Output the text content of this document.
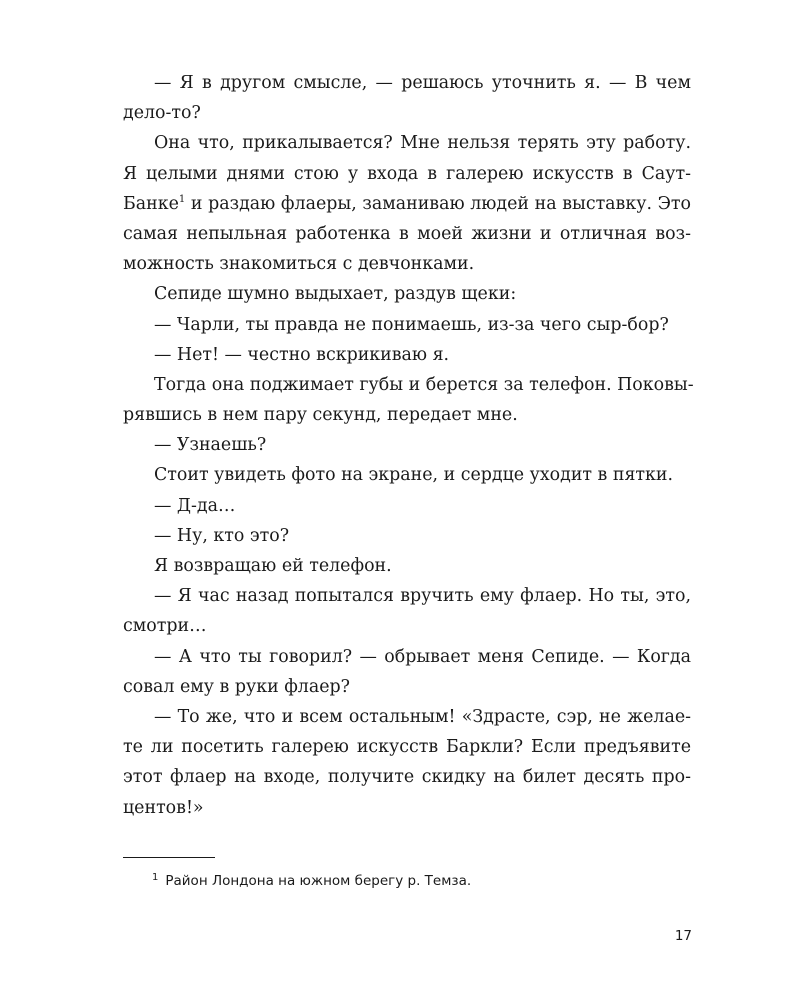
— Я в другом смысле, — решаюсь уточнить я. — В чем
дело-то?
Она что, прикалывается? Мне нельзя терять эту работу.
Я целыми днями стою у входа в галерею искусств в Саут-
Банке$^1$ и раздаю флаеры, заманиваю людей на выставку. Это
самая непыльная работенка в моей жизни и отличная воз-
можность знакомиться с девчонками.
Сепиде шумно выдыхает, раздув щеки:
— Чарли, ты правда не понимаешь, из-за чего сыр-бор?
— Нет! — честно вскрикиваю я.
Тогда она поджимает губы и берется за телефон. Поковы-
рявшись в нем пару секунд, передает мне.
— Узнаешь?
Стоит увидеть фото на экране, и сердце уходит в пятки.
— Д-да…
— Ну, кто это?
Я возвращаю ей телефон.
— Я час назад попытался вручить ему флаер. Но ты, это,
смотри…
— А что ты говорил? — обрывает меня Сепиде. — Когда
совал ему в руки флаер?
— То же, что и всем остальным! «Здрасте, сэр, не желае-
те ли посетить галерею искусств Баркли? Если предъявите
этот флаер на входе, получите скидку на билет десять про-
центов!»
$^1$ Район Лондона на южном берегу р. Темза.
17
